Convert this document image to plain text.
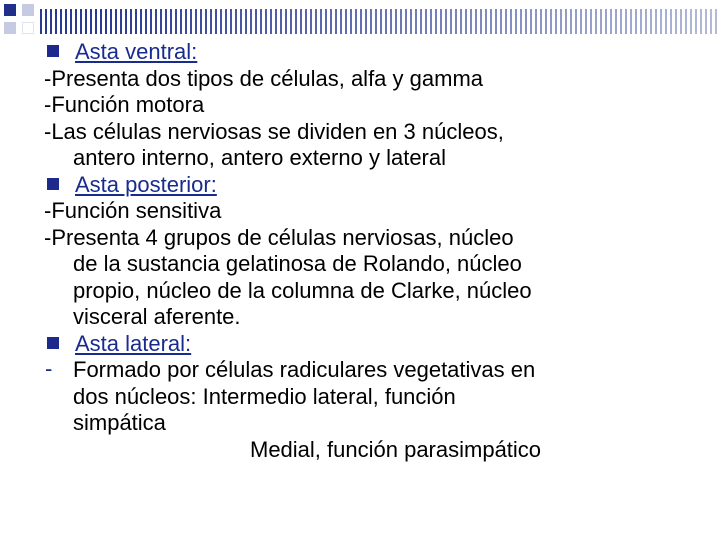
Asta ventral:
-Presenta dos tipos de células, alfa y gamma
-Función motora
-Las células nerviosas se dividen en 3 núcleos,
antero interno, antero externo y lateral
Asta posterior:
-Función sensitiva
-Presenta 4 grupos de células nerviosas, núcleo
de la sustancia gelatinosa de Rolando, núcleo
propio, núcleo de la columna de Clarke, núcleo
visceral aferente.
Asta lateral:
- Formado por células radiculares vegetativas en
dos núcleos: Intermedio lateral, función
simpática
Medial, función parasimpático
